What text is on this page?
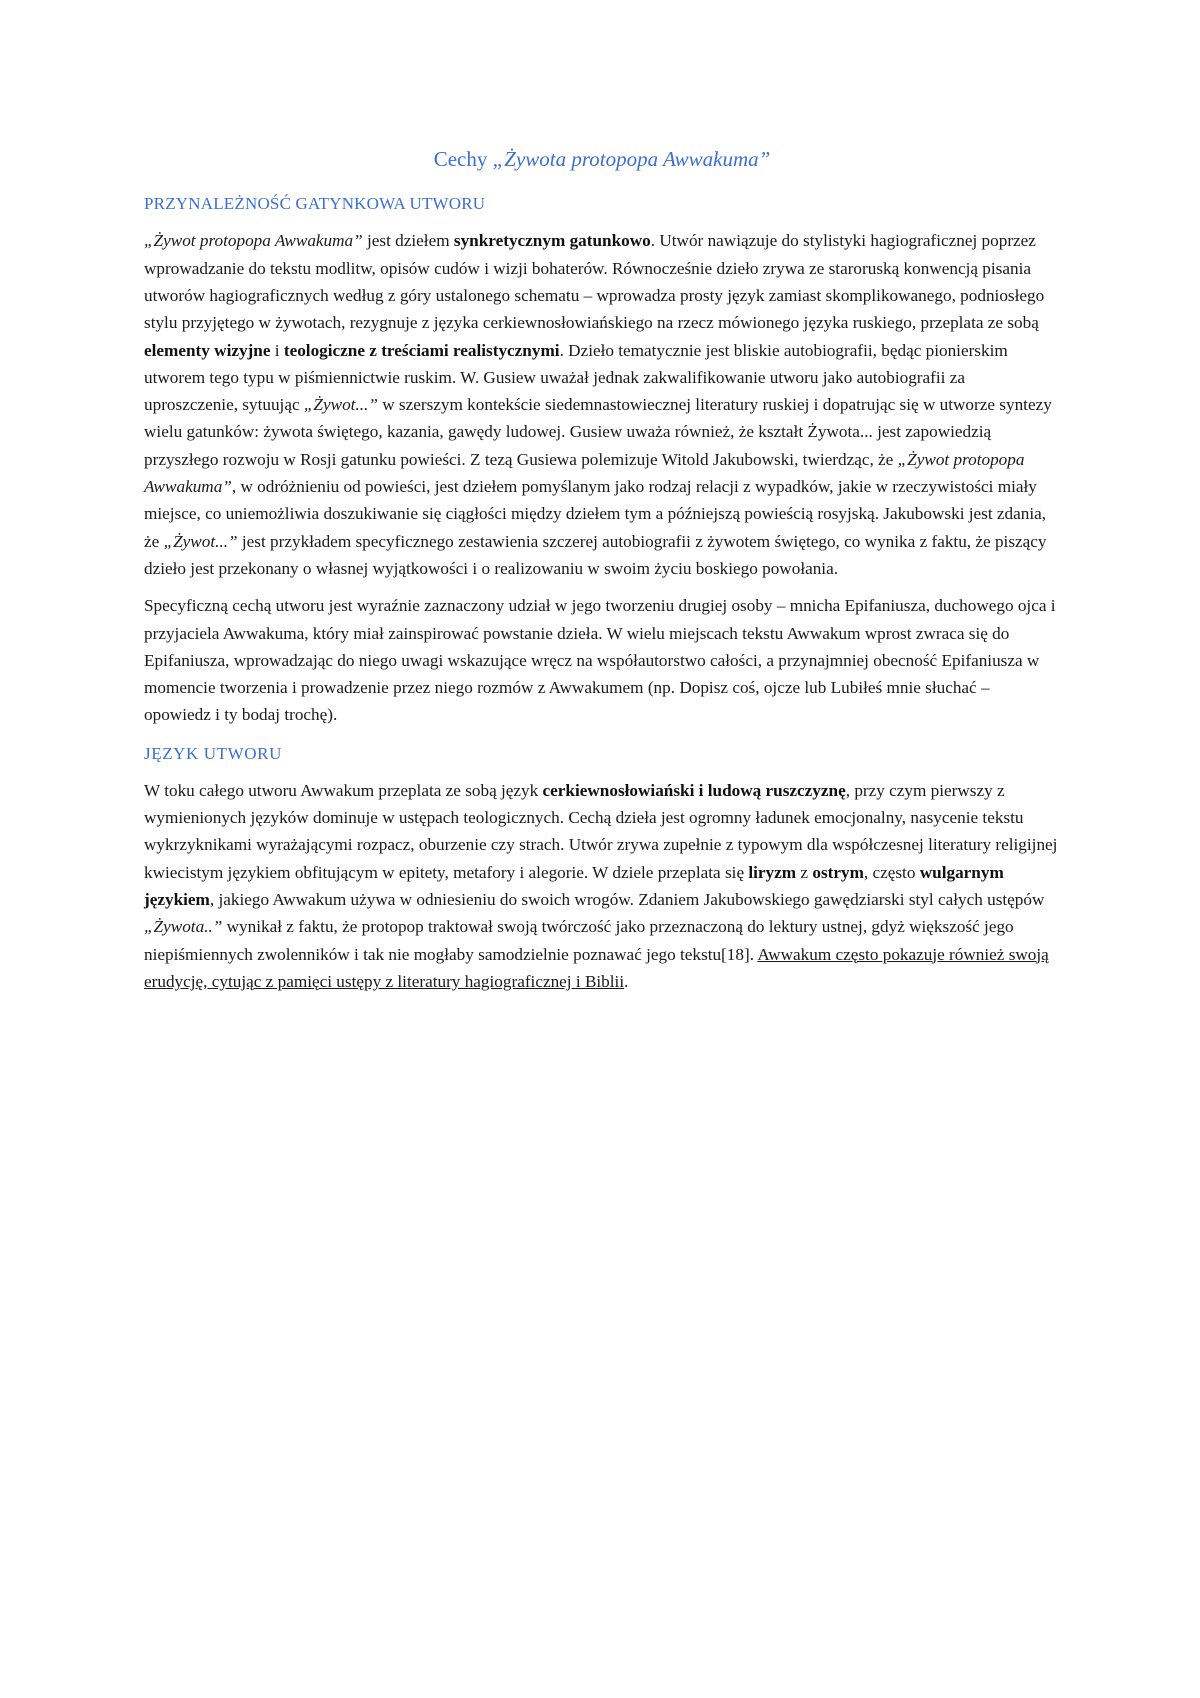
Cechy „Żywota protopopa Awwakuma”
PRZYNALEŻNOŚĆ GATYNKOWA UTWORU

„Żywot protopopa Awwakuma” jest dziełem synkretycznym gatunkowo. Utwór nawiązuje do stylistyki hagiograficznej poprzez wprowadzanie do tekstu modlitw, opisów cudów i wizji bohaterów. Równocześnie dzieło zrywa ze staroruską konwencją pisania utworów hagiograficznych według z góry ustalonego schematu – wprowadza prosty język zamiast skomplikowanego, podniosłego stylu przyjętego w żywotach, rezygnuje z języka cerkiewnosłowiańskiego na rzecz mówionego języka ruskiego, przeplata ze sobą elementy wizyjne i teologiczne z treściami realistycznymi. Dzieło tematycznie jest bliskie autobiografii, będąc pionierskim utworem tego typu w piśmiennictwie ruskim. W. Gusiew uważał jednak zakwalifikowanie utworu jako autobiografii za uproszczenie, sytuując „Żywot...” w szerszym kontekście siedemnastowiecznej literatury ruskiej i dopatrując się w utworze syntezy wielu gatunków: żywota świętego, kazania, gawędy ludowej. Gusiew uważa również, że kształt Żywota... jest zapowiedzią przyszłego rozwoju w Rosji gatunku powieści. Z tezą Gusiewa polemizuje Witold Jakubowski, twierdząc, że „Żywot protopopa Awwakuma”, w odróżnieniu od powieści, jest dziełem pomyślanym jako rodzaj relacji z wypadków, jakie w rzeczywistości miały miejsce, co uniemożliwia doszukiwanie się ciągłości między dziełem tym a późniejszą powieścią rosyjską. Jakubowski jest zdania, że „Żywot...” jest przykładem specyficznego zestawienia szczerej autobiografii z żywotem świętego, co wynika z faktu, że piszący dzieło jest przekonany o własnej wyjątkowości i o realizowaniu w swoim życiu boskiego powołania.

Specyficzną cechą utworu jest wyraźnie zaznaczony udział w jego tworzeniu drugiej osoby – mnicha Epifaniusza, duchowego ojca i przyjaciela Awwakuma, który miał zainspirować powstanie dzieła. W wielu miejscach tekstu Awwakum wprost zwraca się do Epifaniusza, wprowadzając do niego uwagi wskazujące wręcz na współautorstwo całości, a przynajmniej obecność Epifaniusza w momencie tworzenia i prowadzenie przez niego rozmów z Awwakumem (np. Dopisz coś, ojcze lub Lubiłeś mnie słuchać – opowiedz i ty bodaj trochę).

JĘZYK UTWORU

W toku całego utworu Awwakum przeplata ze sobą język cerkiewnosłowiański i ludową ruszczyznę, przy czym pierwszy z wymienionych języków dominuje w ustępach teologicznych. Cechą dzieła jest ogromny ładunek emocjonalny, nasycenie tekstu wykrzyknikami wyrażającymi rozpacz, oburzenie czy strach. Utwór zrywa zupełnie z typowym dla współczesnej literatury religijnej kwiecistym językiem obfitującym w epitety, metafory i alegorie. W dziele przeplata się liryzm z ostrym, często wulgarnym językiem, jakiego Awwakum używa w odniesieniu do swoich wrogów. Zdaniem Jakubowskiego gawędziarski styl całych ustępów „Żywota..” wynikał z faktu, że protopop traktował swoją twórczość jako przeznaczoną do lektury ustnej, gdyż większość jego niepiśmiennych zwolenników i tak nie mogłaby samodzielnie poznawać jego tekstu[18]. Awwakum często pokazuje również swoją erudycję, cytując z pamięci ustępy z literatury hagiograficznej i Biblii.
